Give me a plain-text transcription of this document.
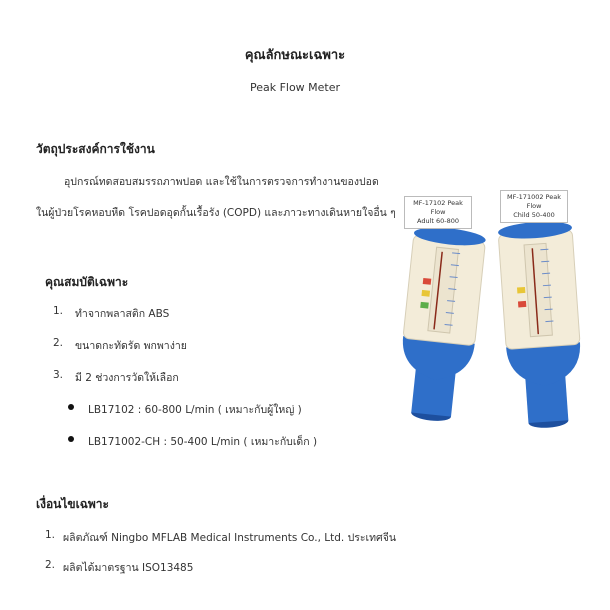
คุณลักษณะเฉพาะ
Peak Flow Meter
วัตถุประสงค์การใช้งาน
อุปกรณ์ทดสอบสมรรถภาพปอด และใช้ในการตรวจการทำงานของปอด
ในผู้ป่วยโรคหอบหืด โรคปอดอุดกั้นเรื้อรัง (COPD) และภาวะทางเดินหายใจอื่น ๆ
คุณสมบัติเฉพาะ
1. ทำจากพลาสติก ABS
2. ขนาดกะทัดรัด พกพาง่าย
3. มี 2 ช่วงการวัดให้เลือก
LB17102 : 60-800 L/min ( เหมาะกับผู้ใหญ่ )
LB171002-CH : 50-400 L/min ( เหมาะกับเด็ก )
เงื่อนไขเฉพาะ
1. ผลิตภัณฑ์ Ningbo MFLAB Medical Instruments Co., Ltd. ประเทศจีน
2. ผลิตได้มาตรฐาน ISO13485
MF-17102 Peak Flow
Adult 60-800
MF-171002 Peak Flow
Child 50-400
